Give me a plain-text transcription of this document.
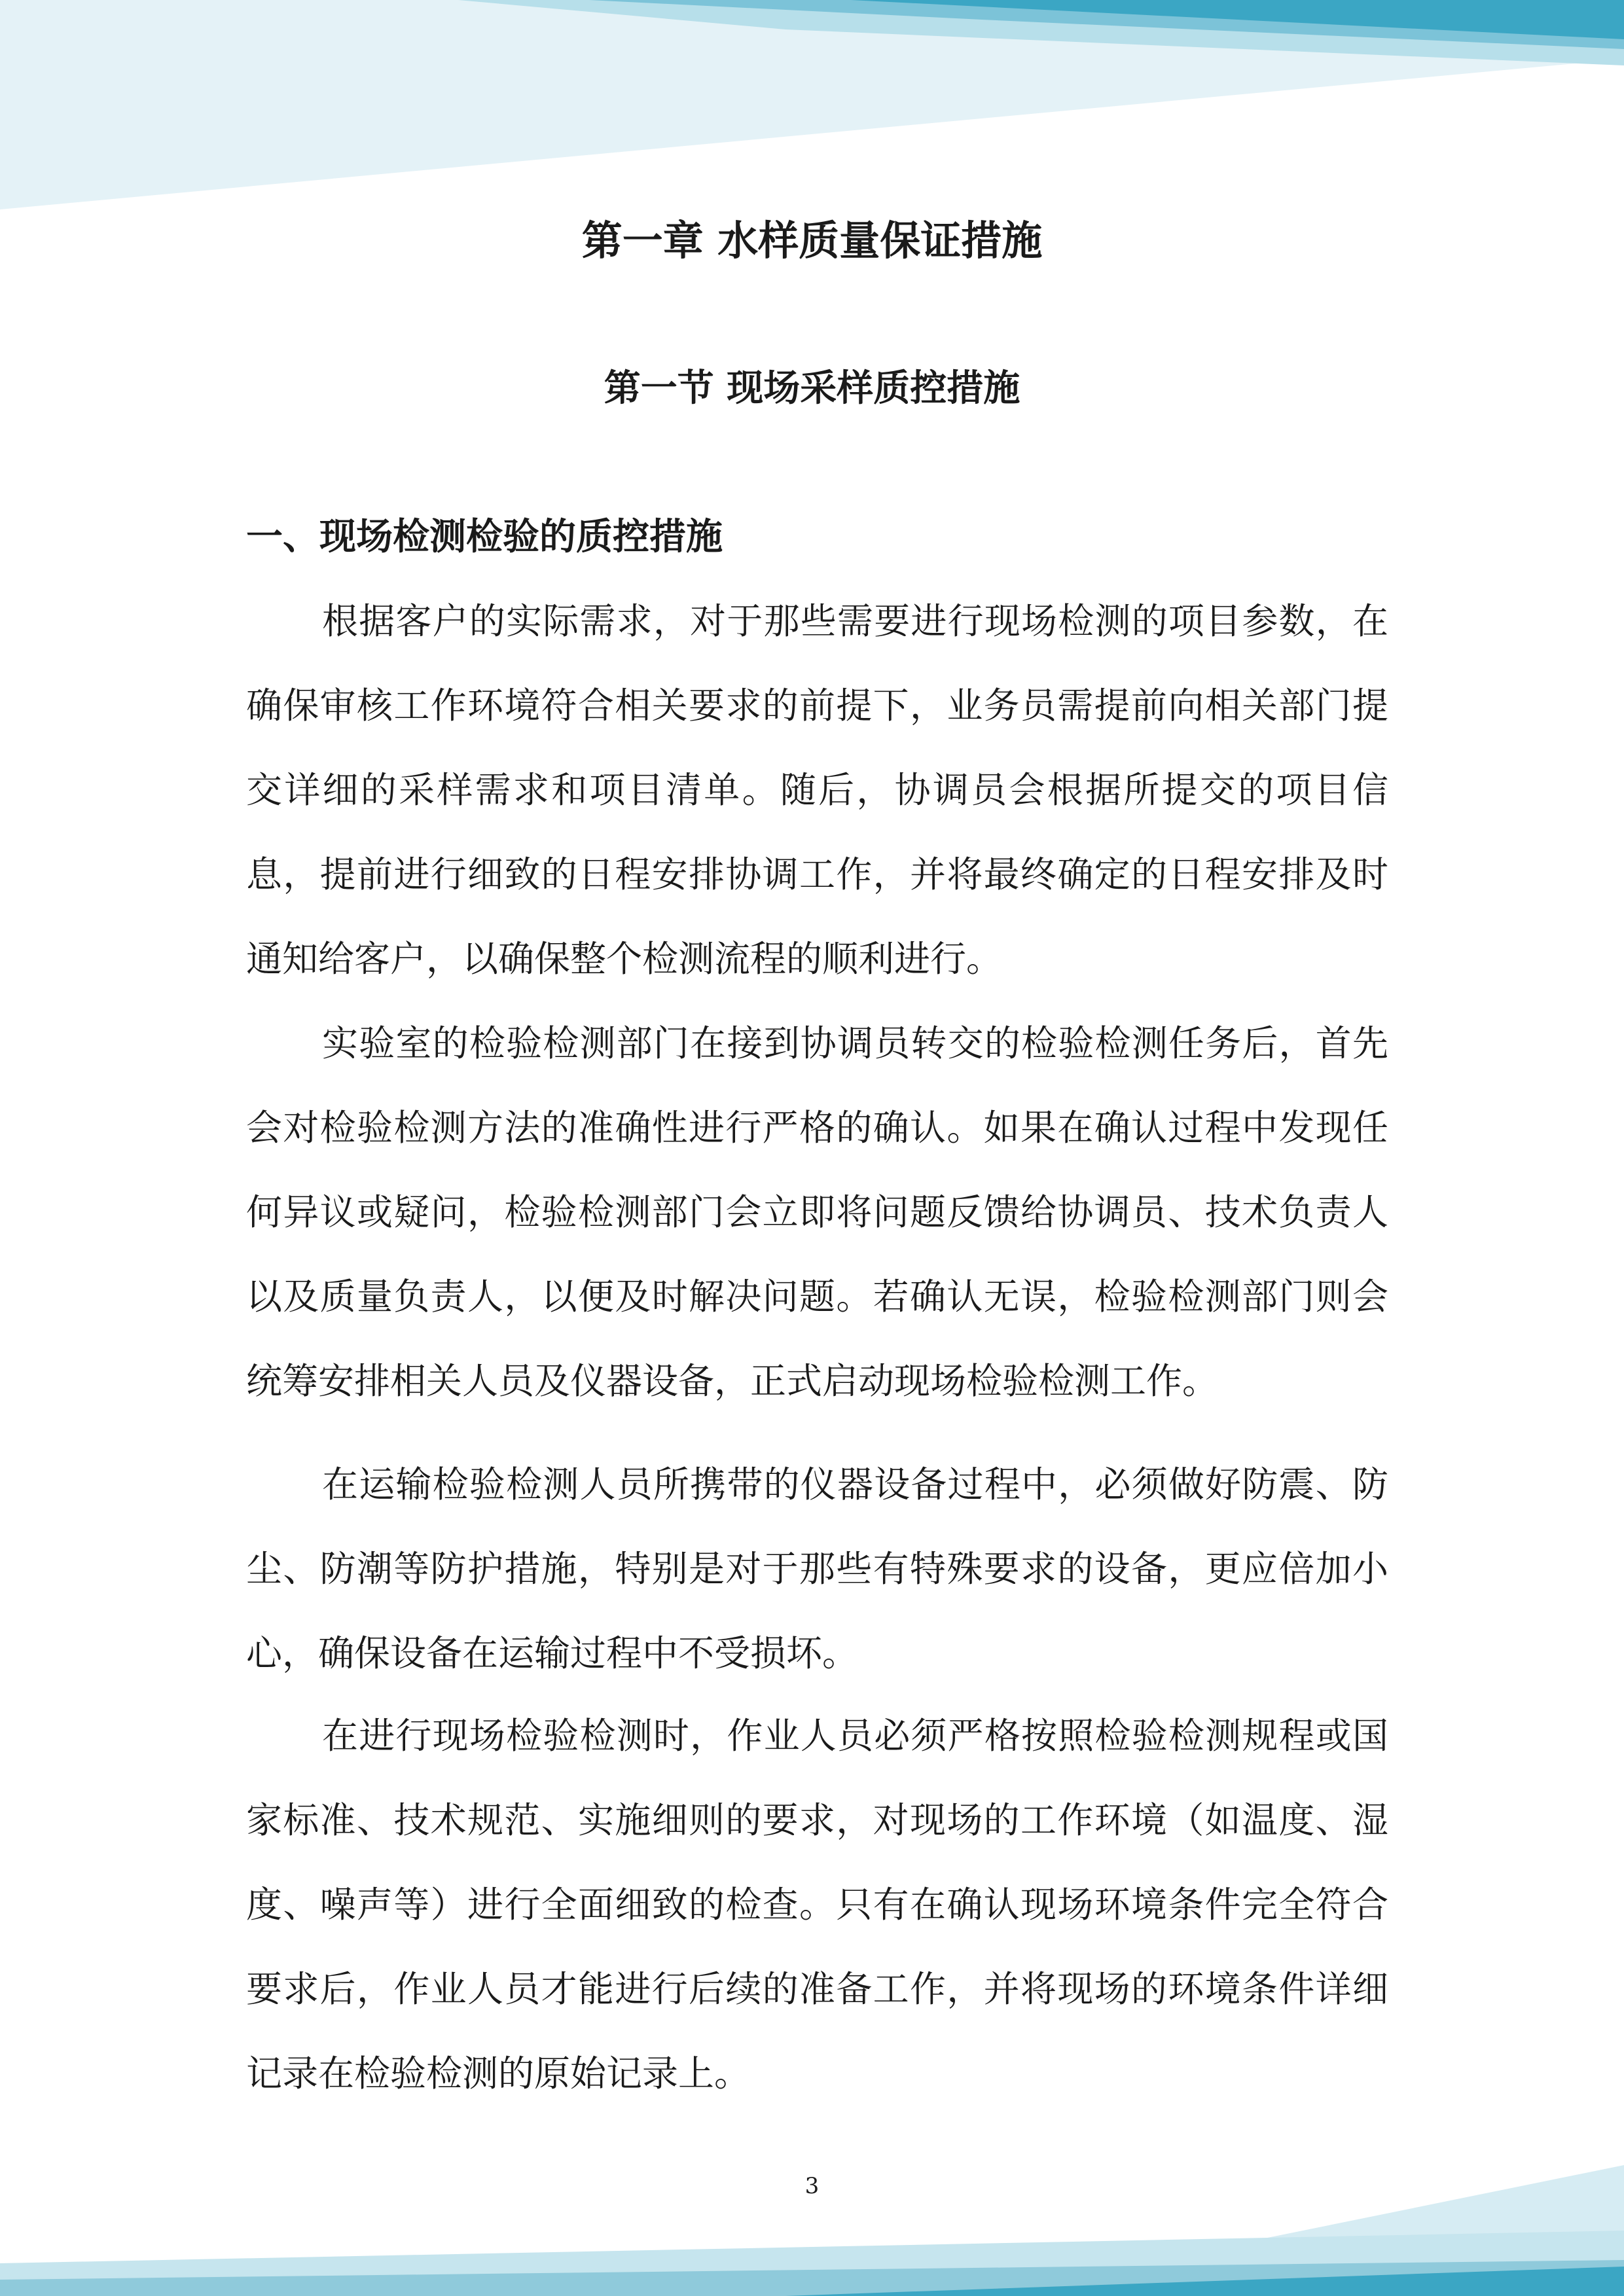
第一章 水样质量保证措施
第一节 现场采样质控措施
一、现场检测检验的质控措施

根据客户的实际需求，对于那些需要进行现场检测的项目参数，在确保审核工作环境符合相关要求的前提下，业务员需提前向相关部门提交详细的采样需求和项目清单。随后，协调员会根据所提交的项目信息，提前进行细致的日程安排协调工作，并将最终确定的日程安排及时通知给客户，以确保整个检测流程的顺利进行。

实验室的检验检测部门在接到协调员转交的检验检测任务后，首先会对检验检测方法的准确性进行严格的确认。如果在确认过程中发现任何异议或疑问，检验检测部门会立即将问题反馈给协调员、技术负责人以及质量负责人，以便及时解决问题。若确认无误，检验检测部门则会统筹安排相关人员及仪器设备，正式启动现场检验检测工作。

在运输检验检测人员所携带的仪器设备过程中，必须做好防震、防尘、防潮等防护措施，特别是对于那些有特殊要求的设备，更应倍加小心，确保设备在运输过程中不受损坏。

在进行现场检验检测时，作业人员必须严格按照检验检测规程或国家标准、技术规范、实施细则的要求，对现场的工作环境（如温度、湿度、噪声等）进行全面细致的检查。只有在确认现场环境条件完全符合要求后，作业人员才能进行后续的准备工作，并将现场的环境条件详细记录在检验检测的原始记录上。

3
